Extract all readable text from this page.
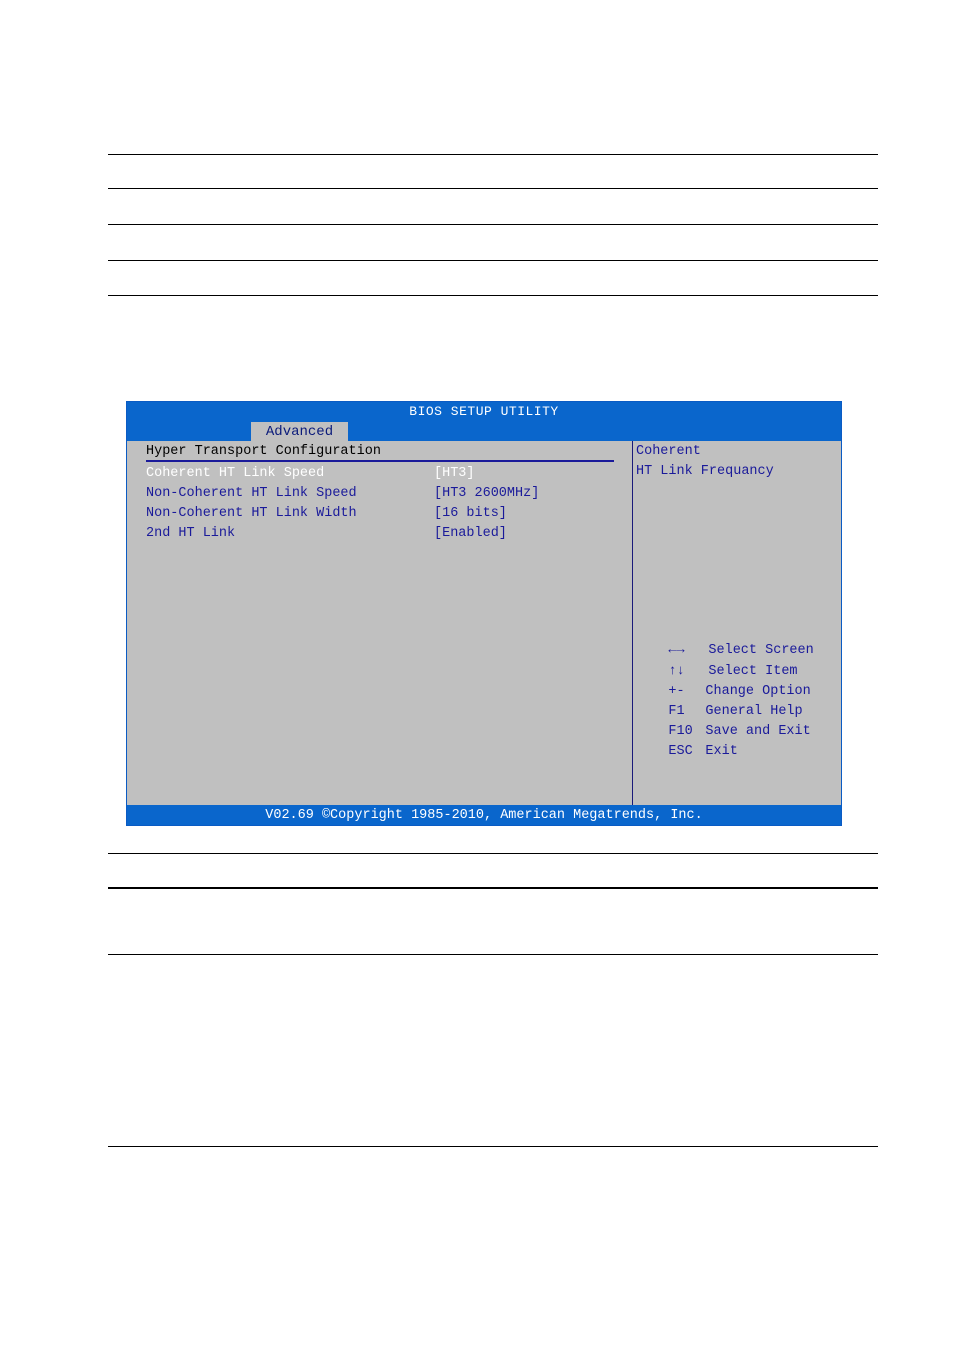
BIOS SETUP UTILITY
Advanced
Hyper Transport Configuration
Coherent HT Link Speed	[HT3]
Non-Coherent HT Link Speed	[HT3 2600MHz]
Non-Coherent HT Link Width	[16 bits]
2nd HT Link	[Enabled]
Coherent
HT Link Frequancy

←→ Select Screen

↑↓ Select Item

+- Change Option

F1 General Help

F10 Save and Exit

ESC Exit

V02.69 ©Copyright 1985-2010, American Megatrends, Inc.
